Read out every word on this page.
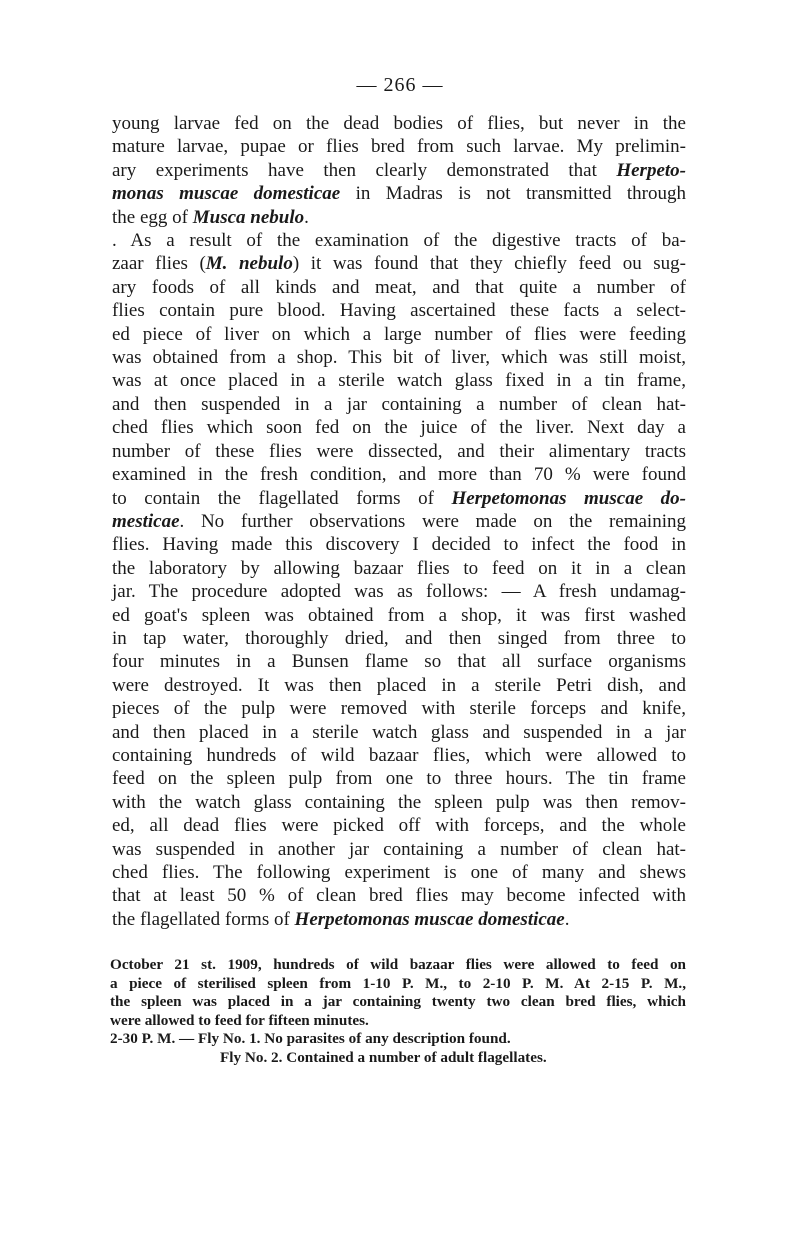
— 266 —
young larvae fed on the dead bodies of flies, but never in the
mature larvae, pupae or flies bred from such larvae. My prelimin-
ary experiments have then clearly demonstrated that Herpeto-
monas muscae domesticae in Madras is not transmitted through
the egg of Musca nebulo.
. As a result of the examination of the digestive tracts of ba-
zaar flies (M. nebulo) it was found that they chiefly feed ou sug-
ary foods of all kinds and meat, and that quite a number of
flies contain pure blood. Having ascertained these facts a select-
ed piece of liver on which a large number of flies were feeding
was obtained from a shop. This bit of liver, which was still moist,
was at once placed in a sterile watch glass fixed in a tin frame,
and then suspended in a jar containing a number of clean hat-
ched flies which soon fed on the juice of the liver. Next day a
number of these flies were dissected, and their alimentary tracts
examined in the fresh condition, and more than 70 % were found
to contain the flagellated forms of Herpetomonas muscae do-
mesticae. No further observations were made on the remaining
flies. Having made this discovery I decided to infect the food in
the laboratory by allowing bazaar flies to feed on it in a clean
jar. The procedure adopted was as follows: — A fresh undamag-
ed goat's spleen was obtained from a shop, it was first washed
in tap water, thoroughly dried, and then singed from three to
four minutes in a Bunsen flame so that all surface organisms
were destroyed. It was then placed in a sterile Petri dish, and
pieces of the pulp were removed with sterile forceps and knife,
and then placed in a sterile watch glass and suspended in a jar
containing hundreds of wild bazaar flies, which were allowed to
feed on the spleen pulp from one to three hours. The tin frame
with the watch glass containing the spleen pulp was then remov-
ed, all dead flies were picked off with forceps, and the whole
was suspended in another jar containing a number of clean hat-
ched flies. The following experiment is one of many and shews
that at least 50 % of clean bred flies may become infected with
the flagellated forms of Herpetomonas muscae domesticae.
October 21 st. 1909, hundreds of wild bazaar flies were allowed to feed on
a piece of sterilised spleen from 1-10 P. M., to 2-10 P. M. At 2-15 P. M.,
the spleen was placed in a jar containing twenty two clean bred flies, which
were allowed to feed for fifteen minutes.
2-30 P. M. — Fly No. 1. No parasites of any description found.
Fly No. 2. Contained a number of adult flagellates.
